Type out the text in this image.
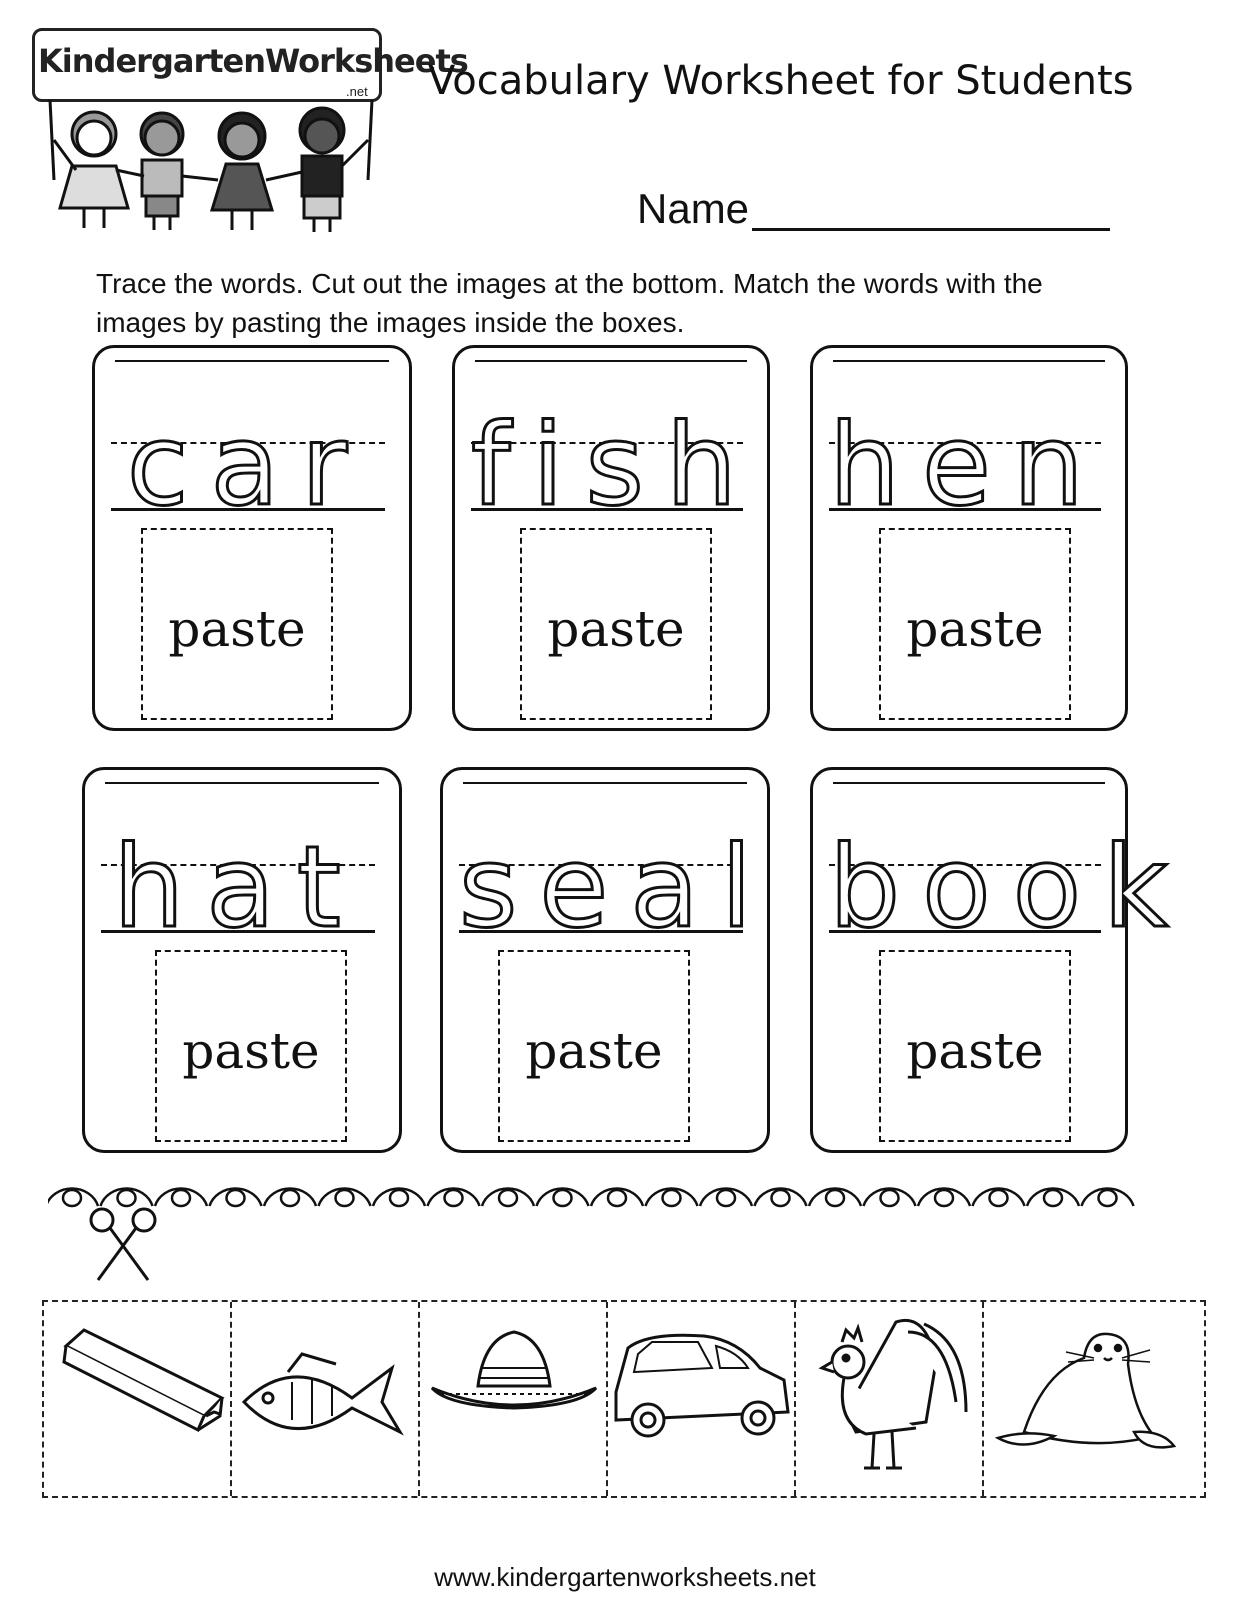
KindergartenWorksheets
.net Vocabulary Worksheet for Students
Name
Trace the words. Cut out the images at the bottom. Match the words with the images by pasting the images inside the boxes.
car
paste
fish
paste
hen
paste
hat
paste
seal
paste
book
paste
www.kindergartenworksheets.net
